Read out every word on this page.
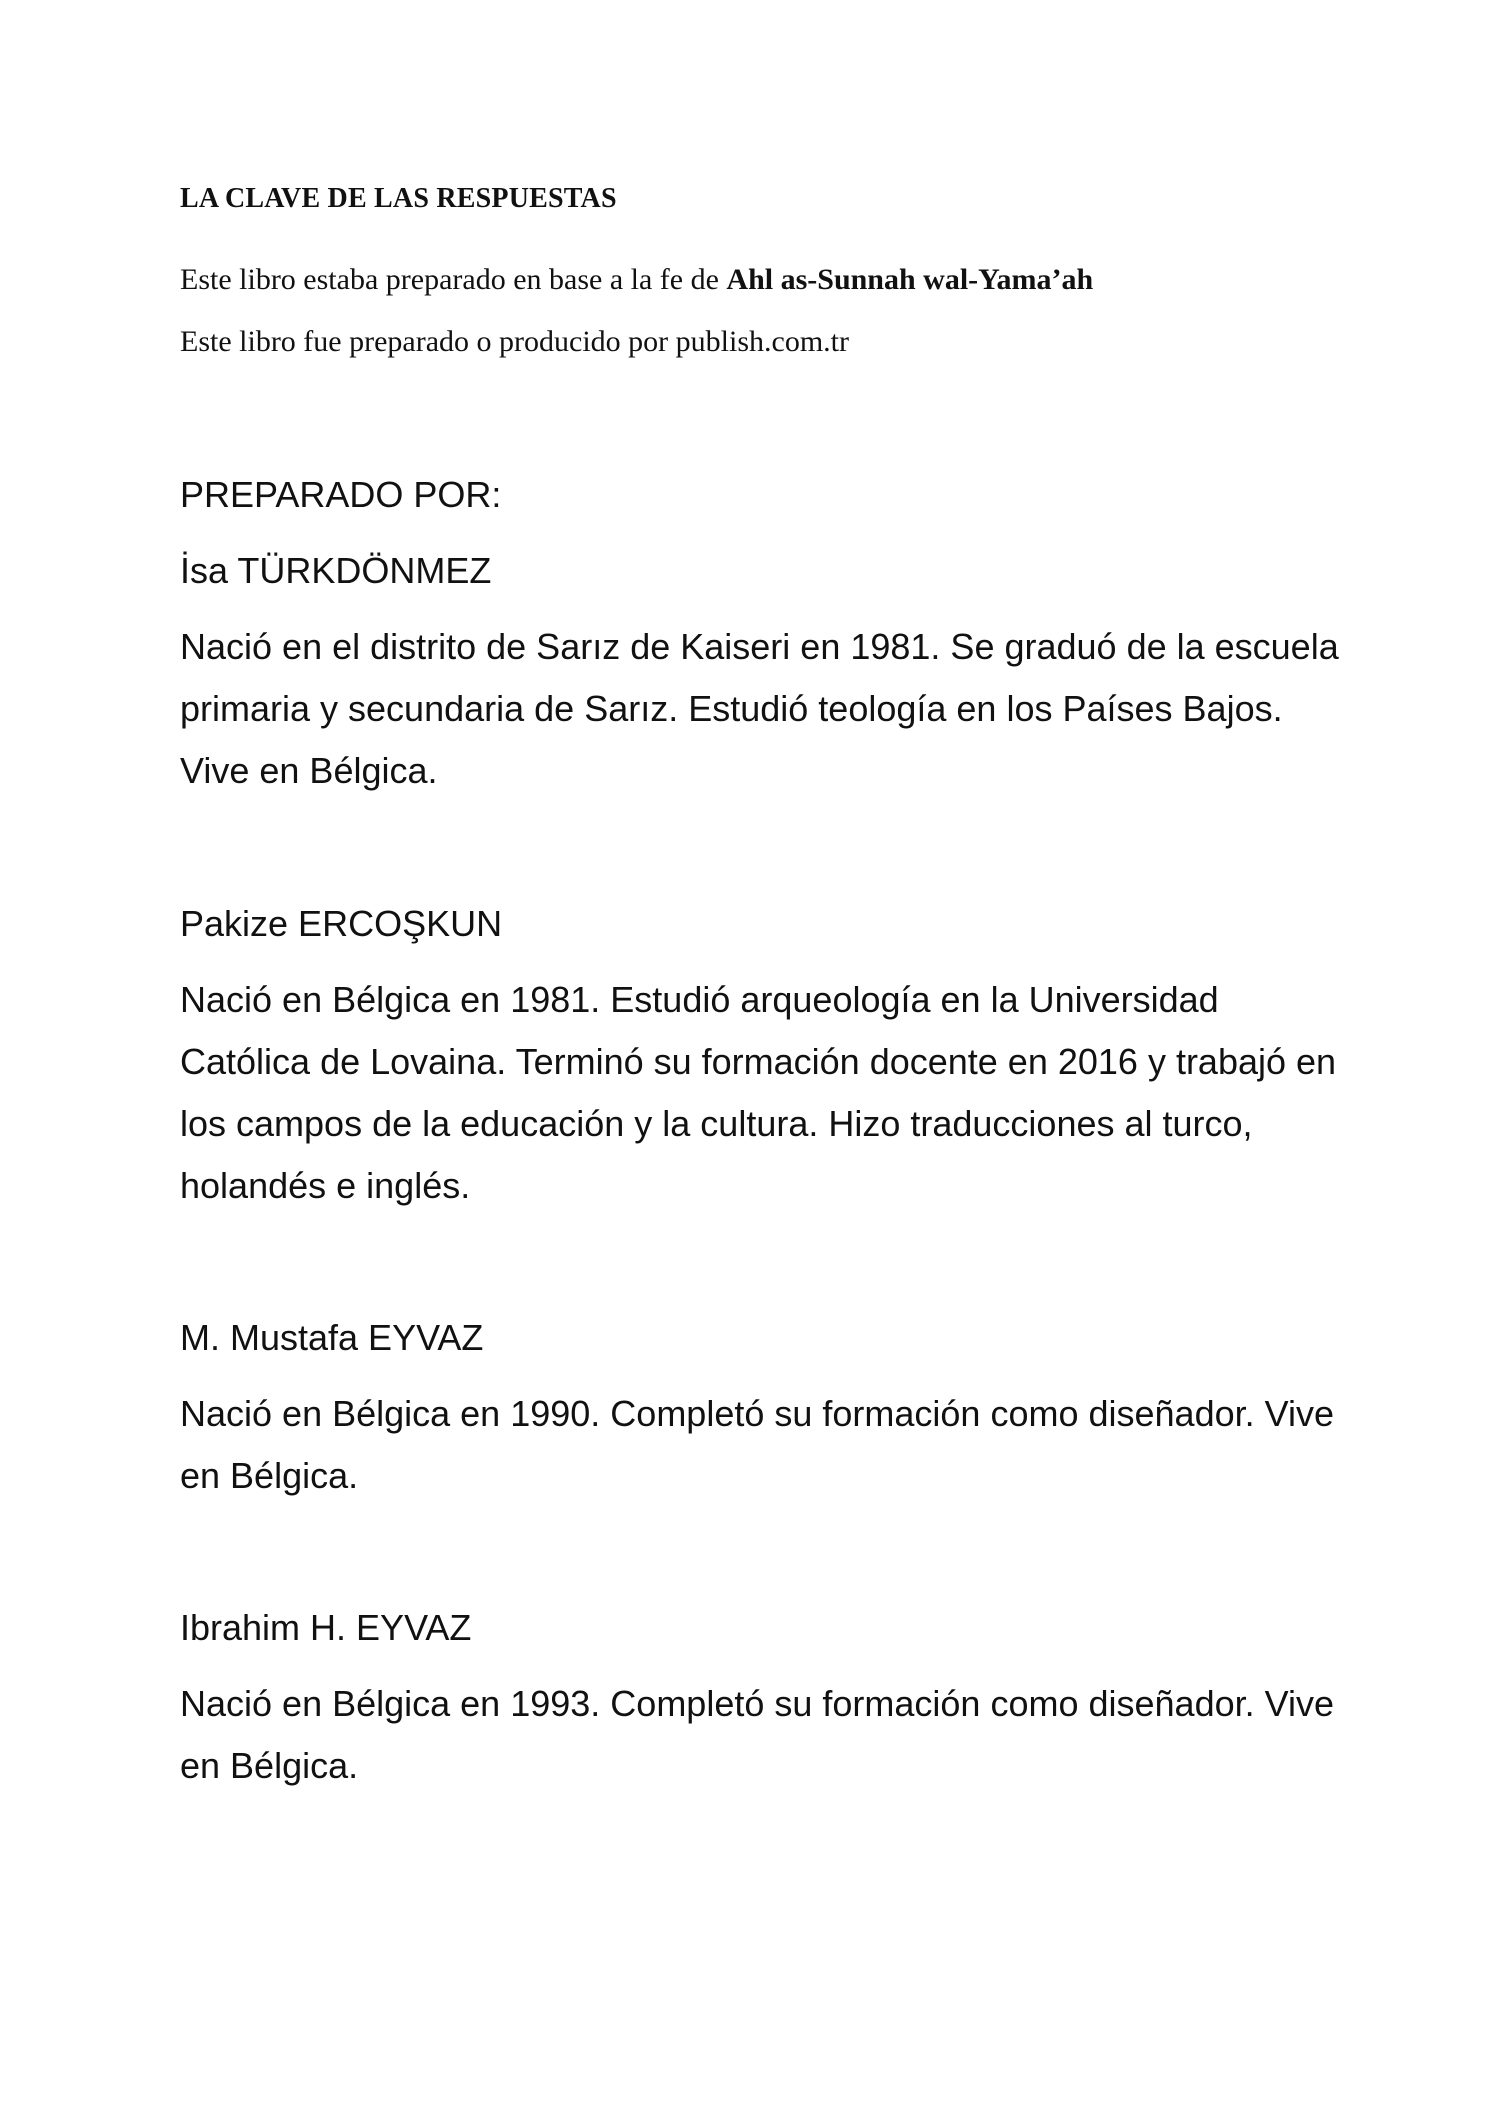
LA CLAVE DE LAS RESPUESTAS
Este libro estaba preparado en base a la fe de Ahl as-Sunnah wal-Yama’ah
Este libro fue preparado o producido por publish.com.tr
PREPARADO POR:
İsa TÜRKDÖNMEZ
Nació en el distrito de Sarız de Kaiseri en 1981. Se graduó de la escuela
primaria y secundaria de Sarız. Estudió teología en los Países Bajos.
Vive en Bélgica.
Pakize ERCOŞKUN
Nació en Bélgica en 1981. Estudió arqueología en la Universidad
Católica de Lovaina. Terminó su formación docente en 2016 y trabajó en
los campos de la educación y la cultura. Hizo traducciones al turco,
holandés e inglés.
M. Mustafa EYVAZ
Nació en Bélgica en 1990. Completó su formación como diseñador. Vive
en Bélgica.
Ibrahim H. EYVAZ
Nació en Bélgica en 1993. Completó su formación como diseñador. Vive
en Bélgica.
